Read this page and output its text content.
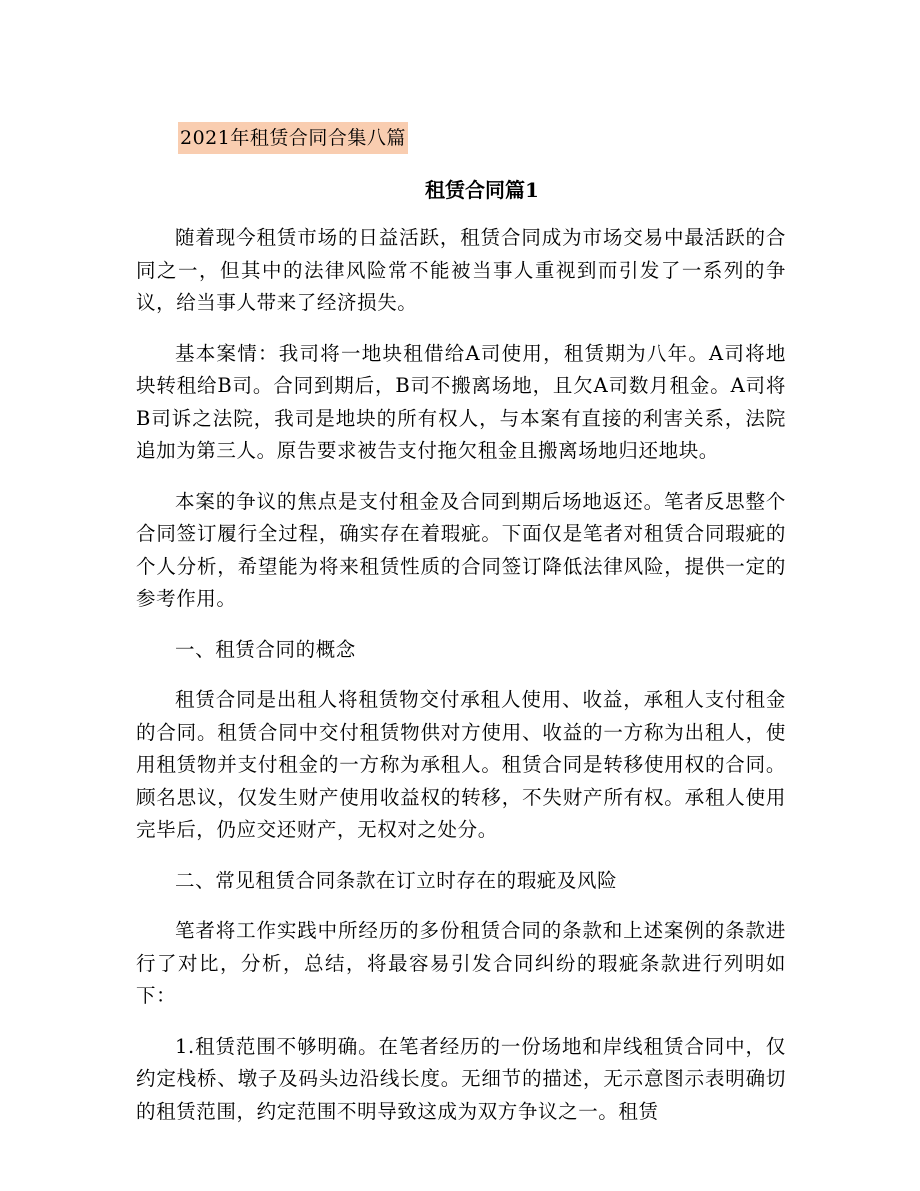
2021年租赁合同合集八篇
租赁合同篇1

随着现今租赁市场的日益活跃，租赁合同成为市场交易中最活跃的合同之一，但其中的法律风险常不能被当事人重视到而引发了一系列的争议，给当事人带来了经济损失。

基本案情：我司将一地块租借给A司使用，租赁期为八年。A司将地块转租给B司。合同到期后，B司不搬离场地，且欠A司数月租金。A司将B司诉之法院，我司是地块的所有权人，与本案有直接的利害关系，法院追加为第三人。原告要求被告支付拖欠租金且搬离场地归还地块。

本案的争议的焦点是支付租金及合同到期后场地返还。笔者反思整个合同签订履行全过程，确实存在着瑕疵。下面仅是笔者对租赁合同瑕疵的个人分析，希望能为将来租赁性质的合同签订降低法律风险，提供一定的参考作用。

一、租赁合同的概念

租赁合同是出租人将租赁物交付承租人使用、收益，承租人支付租金的合同。租赁合同中交付租赁物供对方使用、收益的一方称为出租人，使用租赁物并支付租金的一方称为承租人。租赁合同是转移使用权的合同。顾名思议，仅发生财产使用收益权的转移，不失财产所有权。承租人使用完毕后，仍应交还财产，无权对之处分。

二、常见租赁合同条款在订立时存在的瑕疵及风险

笔者将工作实践中所经历的多份租赁合同的条款和上述案例的条款进行了对比，分析，总结，将最容易引发合同纠纷的瑕疵条款进行列明如下：

1.租赁范围不够明确。在笔者经历的一份场地和岸线租赁合同中，仅约定栈桥、墩子及码头边沿线长度。无细节的描述，无示意图示表明确切的租赁范围，约定范围不明导致这成为双方争议之一。租赁
